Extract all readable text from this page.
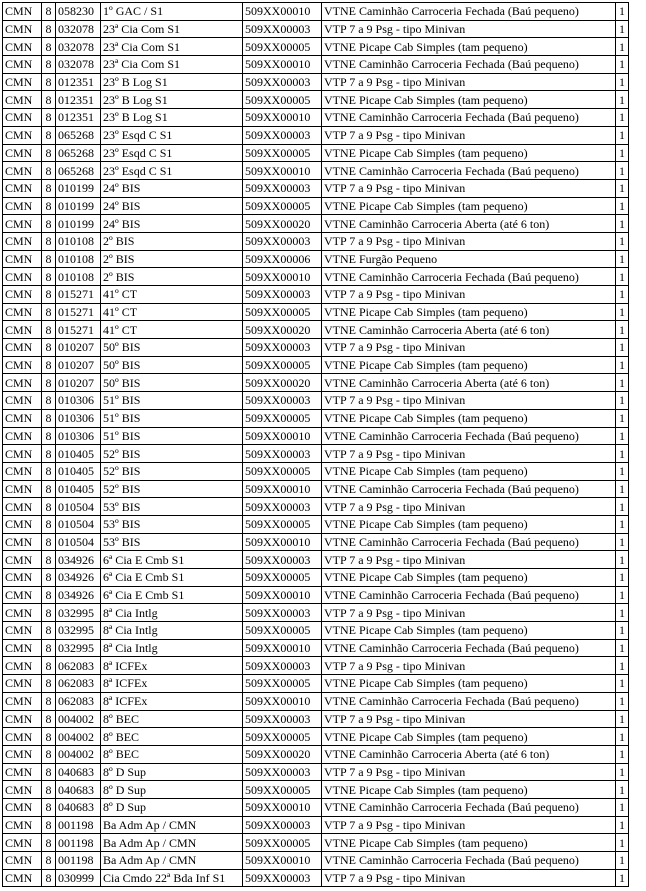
CMN	8	058230	1º GAC / S1	509XX00010	VTNE Caminhão Carroceria Fechada (Baú pequeno)	1
CMN	8	032078	23ª Cia Com S1	509XX00003	VTP 7 a 9 Psg - tipo Minivan	1
CMN	8	032078	23ª Cia Com S1	509XX00005	VTNE Picape Cab Simples (tam pequeno)	1
CMN	8	032078	23ª Cia Com S1	509XX00010	VTNE Caminhão Carroceria Fechada (Baú pequeno)	1
CMN	8	012351	23º B Log S1	509XX00003	VTP 7 a 9 Psg - tipo Minivan	1
CMN	8	012351	23º B Log S1	509XX00005	VTNE Picape Cab Simples (tam pequeno)	1
CMN	8	012351	23º B Log S1	509XX00010	VTNE Caminhão Carroceria Fechada (Baú pequeno)	1
CMN	8	065268	23º Esqd C S1	509XX00003	VTP 7 a 9 Psg - tipo Minivan	1
CMN	8	065268	23º Esqd C S1	509XX00005	VTNE Picape Cab Simples (tam pequeno)	1
CMN	8	065268	23º Esqd C S1	509XX00010	VTNE Caminhão Carroceria Fechada (Baú pequeno)	1
CMN	8	010199	24º BIS	509XX00003	VTP 7 a 9 Psg - tipo Minivan	1
CMN	8	010199	24º BIS	509XX00005	VTNE Picape Cab Simples (tam pequeno)	1
CMN	8	010199	24º BIS	509XX00020	VTNE Caminhão Carroceria Aberta (até 6 ton)	1
CMN	8	010108	2º BIS	509XX00003	VTP 7 a 9 Psg - tipo Minivan	1
CMN	8	010108	2º BIS	509XX00006	VTNE Furgão Pequeno	1
CMN	8	010108	2º BIS	509XX00010	VTNE Caminhão Carroceria Fechada (Baú pequeno)	1
CMN	8	015271	41º CT	509XX00003	VTP 7 a 9 Psg - tipo Minivan	1
CMN	8	015271	41º CT	509XX00005	VTNE Picape Cab Simples (tam pequeno)	1
CMN	8	015271	41º CT	509XX00020	VTNE Caminhão Carroceria Aberta (até 6 ton)	1
CMN	8	010207	50º BIS	509XX00003	VTP 7 a 9 Psg - tipo Minivan	1
CMN	8	010207	50º BIS	509XX00005	VTNE Picape Cab Simples (tam pequeno)	1
CMN	8	010207	50º BIS	509XX00020	VTNE Caminhão Carroceria Aberta (até 6 ton)	1
CMN	8	010306	51º BIS	509XX00003	VTP 7 a 9 Psg - tipo Minivan	1
CMN	8	010306	51º BIS	509XX00005	VTNE Picape Cab Simples (tam pequeno)	1
CMN	8	010306	51º BIS	509XX00010	VTNE Caminhão Carroceria Fechada (Baú pequeno)	1
CMN	8	010405	52º BIS	509XX00003	VTP 7 a 9 Psg - tipo Minivan	1
CMN	8	010405	52º BIS	509XX00005	VTNE Picape Cab Simples (tam pequeno)	1
CMN	8	010405	52º BIS	509XX00010	VTNE Caminhão Carroceria Fechada (Baú pequeno)	1
CMN	8	010504	53º BIS	509XX00003	VTP 7 a 9 Psg - tipo Minivan	1
CMN	8	010504	53º BIS	509XX00005	VTNE Picape Cab Simples (tam pequeno)	1
CMN	8	010504	53º BIS	509XX00010	VTNE Caminhão Carroceria Fechada (Baú pequeno)	1
CMN	8	034926	6ª Cia E Cmb S1	509XX00003	VTP 7 a 9 Psg - tipo Minivan	1
CMN	8	034926	6ª Cia E Cmb S1	509XX00005	VTNE Picape Cab Simples (tam pequeno)	1
CMN	8	034926	6ª Cia E Cmb S1	509XX00010	VTNE Caminhão Carroceria Fechada (Baú pequeno)	1
CMN	8	032995	8ª Cia Intlg	509XX00003	VTP 7 a 9 Psg - tipo Minivan	1
CMN	8	032995	8ª Cia Intlg	509XX00005	VTNE Picape Cab Simples (tam pequeno)	1
CMN	8	032995	8ª Cia Intlg	509XX00010	VTNE Caminhão Carroceria Fechada (Baú pequeno)	1
CMN	8	062083	8ª ICFEx	509XX00003	VTP 7 a 9 Psg - tipo Minivan	1
CMN	8	062083	8ª ICFEx	509XX00005	VTNE Picape Cab Simples (tam pequeno)	1
CMN	8	062083	8ª ICFEx	509XX00010	VTNE Caminhão Carroceria Fechada (Baú pequeno)	1
CMN	8	004002	8º BEC	509XX00003	VTP 7 a 9 Psg - tipo Minivan	1
CMN	8	004002	8º BEC	509XX00005	VTNE Picape Cab Simples (tam pequeno)	1
CMN	8	004002	8º BEC	509XX00020	VTNE Caminhão Carroceria Aberta (até 6 ton)	1
CMN	8	040683	8º D Sup	509XX00003	VTP 7 a 9 Psg - tipo Minivan	1
CMN	8	040683	8º D Sup	509XX00005	VTNE Picape Cab Simples (tam pequeno)	1
CMN	8	040683	8º D Sup	509XX00010	VTNE Caminhão Carroceria Fechada (Baú pequeno)	1
CMN	8	001198	Ba Adm Ap / CMN	509XX00003	VTP 7 a 9 Psg - tipo Minivan	1
CMN	8	001198	Ba Adm Ap / CMN	509XX00005	VTNE Picape Cab Simples (tam pequeno)	1
CMN	8	001198	Ba Adm Ap / CMN	509XX00010	VTNE Caminhão Carroceria Fechada (Baú pequeno)	1
CMN	8	030999	Cia Cmdo 22ª Bda Inf S1	509XX00003	VTP 7 a 9 Psg - tipo Minivan	1
